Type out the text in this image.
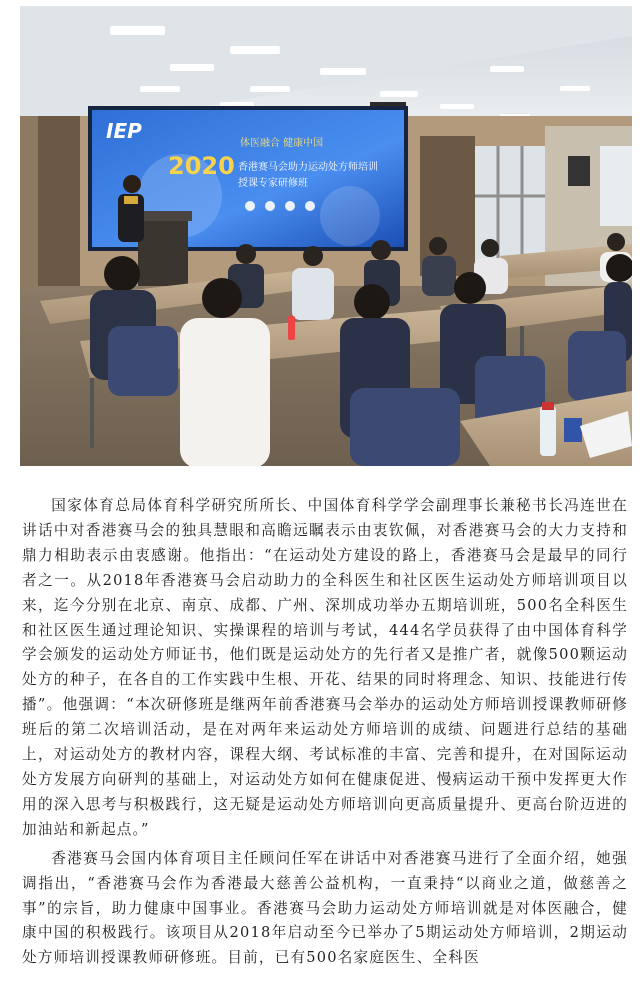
IEP
体医融合 健康中国
2020 香港赛马会助力运动处方师培训
授课专家研修班

国家体育总局体育科学研究所所长、中国体育科学学会副理事长兼秘书长冯连世在讲话中对香港赛马会的独具慧眼和高瞻远瞩表示由衷钦佩，对香港赛马会的大力支持和鼎力相助表示由衷感谢。他指出：“在运动处方建设的路上，香港赛马会是最早的同行者之一。从2018年香港赛马会启动助力的全科医生和社区医生运动处方师培训项目以来，迄今分别在北京、南京、成都、广州、深圳成功举办五期培训班，500名全科医生和社区医生通过理论知识、实操课程的培训与考试，444名学员获得了由中国体育科学学会颁发的运动处方师证书，他们既是运动处方的先行者又是推广者，就像500颗运动处方的种子，在各自的工作实践中生根、开花、结果的同时将理念、知识、技能进行传播”。他强调：“本次研修班是继两年前香港赛马会举办的运动处方师培训授课教师研修班后的第二次培训活动，是在对两年来运动处方师培训的成绩、问题进行总结的基础上，对运动处方的教材内容，课程大纲、考试标准的丰富、完善和提升，在对国际运动处方发展方向研判的基础上，对运动处方如何在健康促进、慢病运动干预中发挥更大作用的深入思考与积极践行，这无疑是运动处方师培训向更高质量提升、更高台阶迈进的加油站和新起点。”

香港赛马会国内体育项目主任顾问任军在讲话中对香港赛马进行了全面介绍，她强调指出，“香港赛马会作为香港最大慈善公益机构，一直秉持“以商业之道，做慈善之事”的宗旨，助力健康中国事业。香港赛马会助力运动处方师培训就是对体医融合，健康中国的积极践行。该项目从2018年启动至今已举办了5期运动处方师培训，2期运动处方师培训授课教师研修班。目前，已有500名家庭医生、全科医
